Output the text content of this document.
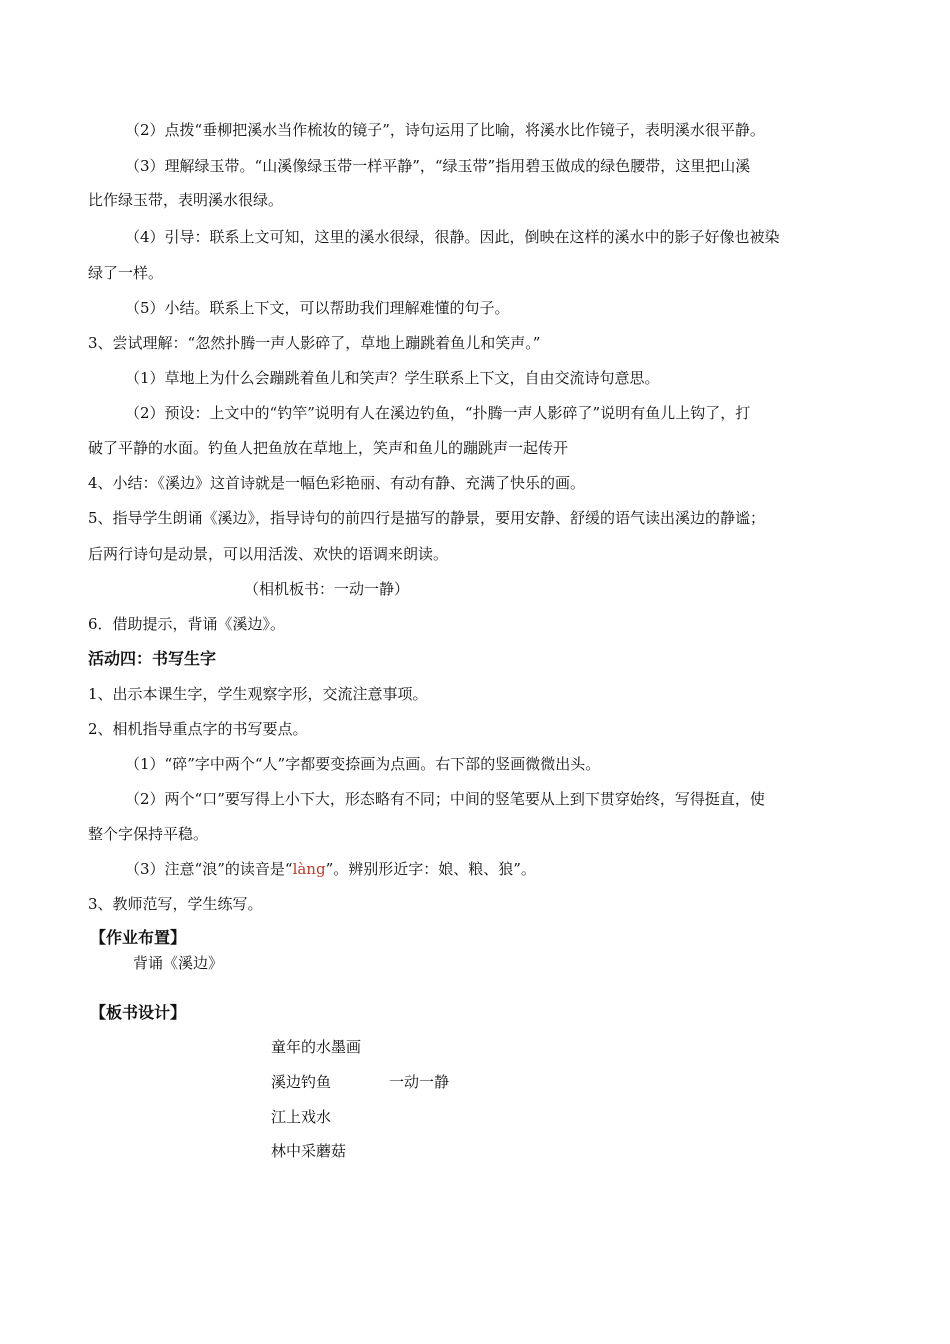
（2）点拨“垂柳把溪水当作梳妆的镜子”，诗句运用了比喻，将溪水比作镜子，表明溪水很平静。
（3）理解绿玉带。“山溪像绿玉带一样平静”，“绿玉带”指用碧玉做成的绿色腰带，这里把山溪
比作绿玉带，表明溪水很绿。
（4）引导：联系上文可知，这里的溪水很绿，很静。因此，倒映在这样的溪水中的影子好像也被染
绿了一样。
（5）小结。联系上下文，可以帮助我们理解难懂的句子。
3、尝试理解：“忽然扑腾一声人影碎了，草地上蹦跳着鱼儿和笑声。”
（1）草地上为什么会蹦跳着鱼儿和笑声？学生联系上下文，自由交流诗句意思。
（2）预设：上文中的“钓竿”说明有人在溪边钓鱼，“扑腾一声人影碎了”说明有鱼儿上钩了，打
破了平静的水面。钓鱼人把鱼放在草地上，笑声和鱼儿的蹦跳声一起传开
4、小结：《溪边》这首诗就是一幅色彩艳丽、有动有静、充满了快乐的画。
5、指导学生朗诵《溪边》，指导诗句的前四行是描写的静景，要用安静、舒缓的语气读出溪边的静谧；
后两行诗句是动景，可以用活泼、欢快的语调来朗读。
（相机板书：一动一静）
6．借助提示，背诵《溪边》。
活动四：书写生字
1、出示本课生字，学生观察字形，交流注意事项。
2、相机指导重点字的书写要点。
（1）“碎”字中两个“人”字都要变捺画为点画。右下部的竖画微微出头。
（2）两个“口”要写得上小下大，形态略有不同；中间的竖笔要从上到下贯穿始终，写得挺直，使
整个字保持平稳。
（3）注意“浪”的读音是“làng”。辨别形近字：娘、粮、狼”。
3、教师范写，学生练写。
【作业布置】
背诵《溪边》
【板书设计】
童年的水墨画
溪边钓鱼	一动一静
江上戏水
林中采蘑菇
